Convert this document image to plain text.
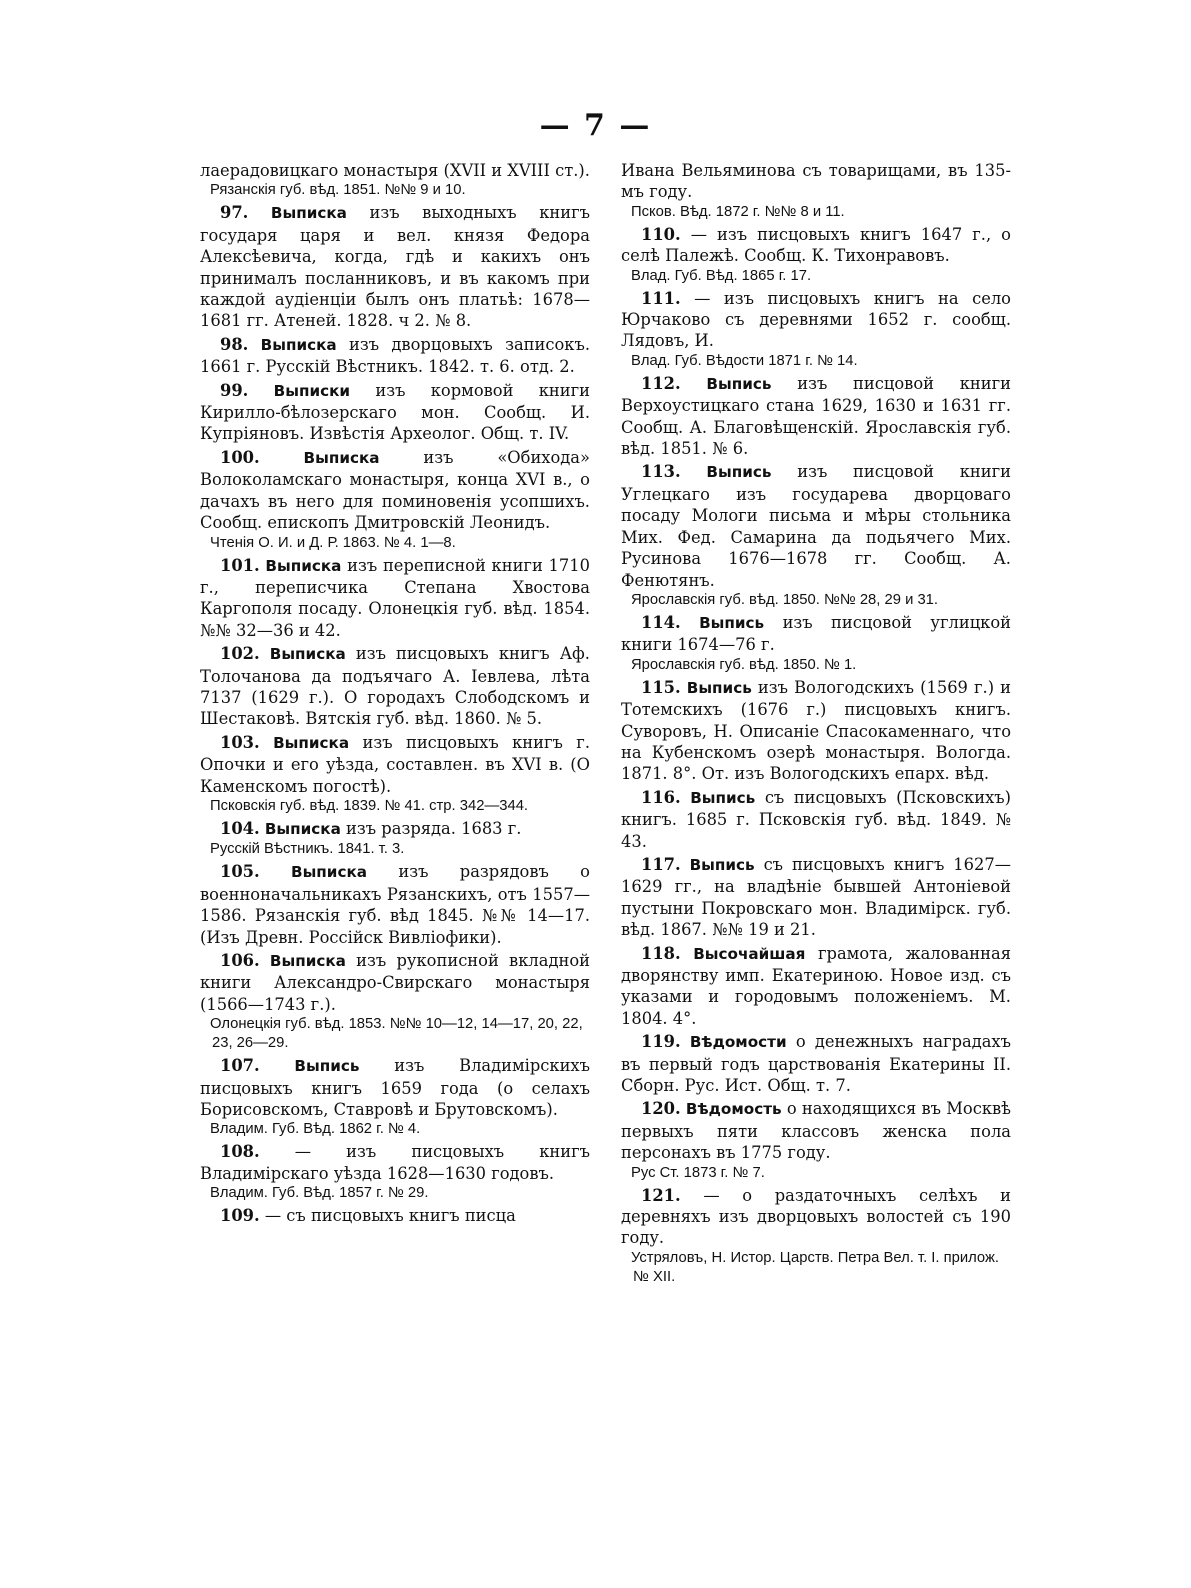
— 7 —
лаерадовицкаго монастыря (XVII и XVIII ст.).
Рязанскія губ. вѣд. 1851. №№ 9 и 10.
97. Выписка изъ выходныхъ книгъ государя царя и вел. князя Федора Алексѣевича, когда, гдѣ и какихъ онъ принималъ посланниковъ, и въ какомъ при каждой аудіенціи былъ онъ платьѣ: 1678—1681 гг. Атеней. 1828. ч 2. № 8.
98. Выписка изъ дворцовыхъ записокъ. 1661 г. Русскій Вѣстникъ. 1842. т. 6. отд. 2.
99. Выписки изъ кормовой книги Кирилло-бѣлозерскаго мон. Сообщ. И. Купріяновъ. Извѣстія Археолог. Общ. т. IV.
100.	Выписка	изъ «Обихода» Волоколамскаго монастыря, конца XVI в., о дачахъ въ него для поминовенія усопшихъ. Сообщ. епископъ Дмитровскій Леонидъ.
Чтенія О. И. и Д. Р. 1863. № 4. 1—8.
101. Выписка изъ переписной книги 1710 г., переписчика Степана Хвостова Каргополя посаду. Олонецкія губ. вѣд. 1854. №№ 32—36 и 42.
102. Выписка изъ писцовыхъ книгъ Аф. Толочанова да подъячаго А. Іевлева, лѣта 7137 (1629 г.). О городахъ Слободскомъ и Шестаковѣ. Вятскія губ. вѣд. 1860. № 5.
103. Выписка изъ писцовыхъ книгъ г. Опочки и его уѣзда, составлен. въ XVI в. (О Каменскомъ погостѣ).
Псковскія губ. вѣд. 1839. № 41. стр. 342—344.
104. Выписка изъ разряда. 1683 г.
Русскій Вѣстникъ. 1841. т. 3.
105. Выписка изъ разрядовъ о военноначальникахъ Рязанскихъ, отъ 1557—1586. Рязанскія губ. вѣд 1845. №№ 14—17. (Изъ Древн. Россійск Вивліофики).
106. Выписка изъ рукописной вкладной книги Александро-Свирскаго монастыря (1566—1743 г.).
Олонецкія губ. вѣд. 1853. №№ 10—12, 14—17, 20, 22, 23, 26—29.
107. Выпись изъ Владимірскихъ писцовыхъ книгъ 1659 года (о селахъ Борисовскомъ, Ставровѣ и Брутовскомъ).
Владим. Губ. Вѣд. 1862 г. № 4.
108. — изъ писцовыхъ книгъ Владимірскаго уѣзда 1628—1630 годовъ.
Владим. Губ. Вѣд. 1857 г. № 29.
109. — съ писцовыхъ книгъ писца
Ивана Вельяминова съ товарищами, въ 135-мъ году.
Псков. Вѣд. 1872 г. №№ 8 и 11.
110. — изъ писцовыхъ книгъ 1647 г., о селѣ Палежѣ. Сообщ. К. Тихонравовъ.
Влад. Губ. Вѣд. 1865 г. 17.
111. — изъ писцовыхъ книгъ на село Юрчаково съ деревнями 1652 г. сообщ. Лядовъ, И.
Влад. Губ. Вѣдости 1871 г. № 14.
112. Выпись изъ писцовой книги Верхоустицкаго стана 1629, 1630 и 1631 гг. Сообщ. А. Благовѣщенскій. Ярославскія губ. вѣд. 1851. № 6.
113. Выпись изъ писцовой книги Углецкаго изъ государева дворцоваго посаду Мологи письма и мѣры стольника Мих. Фед. Самарина да подьячего Мих. Русинова 1676—1678 гг. Сообщ. А. Фенютянъ.
Ярославскія губ. вѣд. 1850. №№ 28, 29 и 31.
114. Выпись изъ писцовой углицкой книги 1674—76 г.
Ярославскія губ. вѣд. 1850. № 1.
115. Выпись изъ Вологодскихъ (1569 г.) и Тотемскихъ (1676 г.) писцовыхъ книгъ. Суворовъ, Н. Описаніе Спасокаменнаго, что на Кубенскомъ озерѣ монастыря. Вологда. 1871. 8°. От. изъ Вологодскихъ епарх. вѣд.
116. Выпись съ писцовыхъ (Псковскихъ) книгъ. 1685 г. Псковскія губ. вѣд. 1849. № 43.
117. Выпись съ писцовыхъ книгъ 1627—1629 гг., на владѣніе бывшей Антоніевой пустыни Покровскаго мон. Владимірск. губ. вѣд. 1867. №№ 19 и 21.
118. Высочайшая грамота, жалованная дворянству имп. Екатериною. Новое изд. съ указами и городовымъ положеніемъ. М. 1804. 4°.
119. Вѣдомости о денежныхъ наградахъ въ первый годъ царствованія Екатерины II. Сборн. Рус. Ист. Общ. т. 7.
120. Вѣдомость о находящихся въ Москвѣ первыхъ пяти классовъ женска пола персонахъ въ 1775 году.
Рус Ст. 1873 г. № 7.
121. — о раздаточныхъ селѣхъ и деревняхъ изъ дворцовыхъ волостей съ 190 году.
Устряловъ, Н. Истор. Царств. Петра Вел. т. I. прилож. № XII.
